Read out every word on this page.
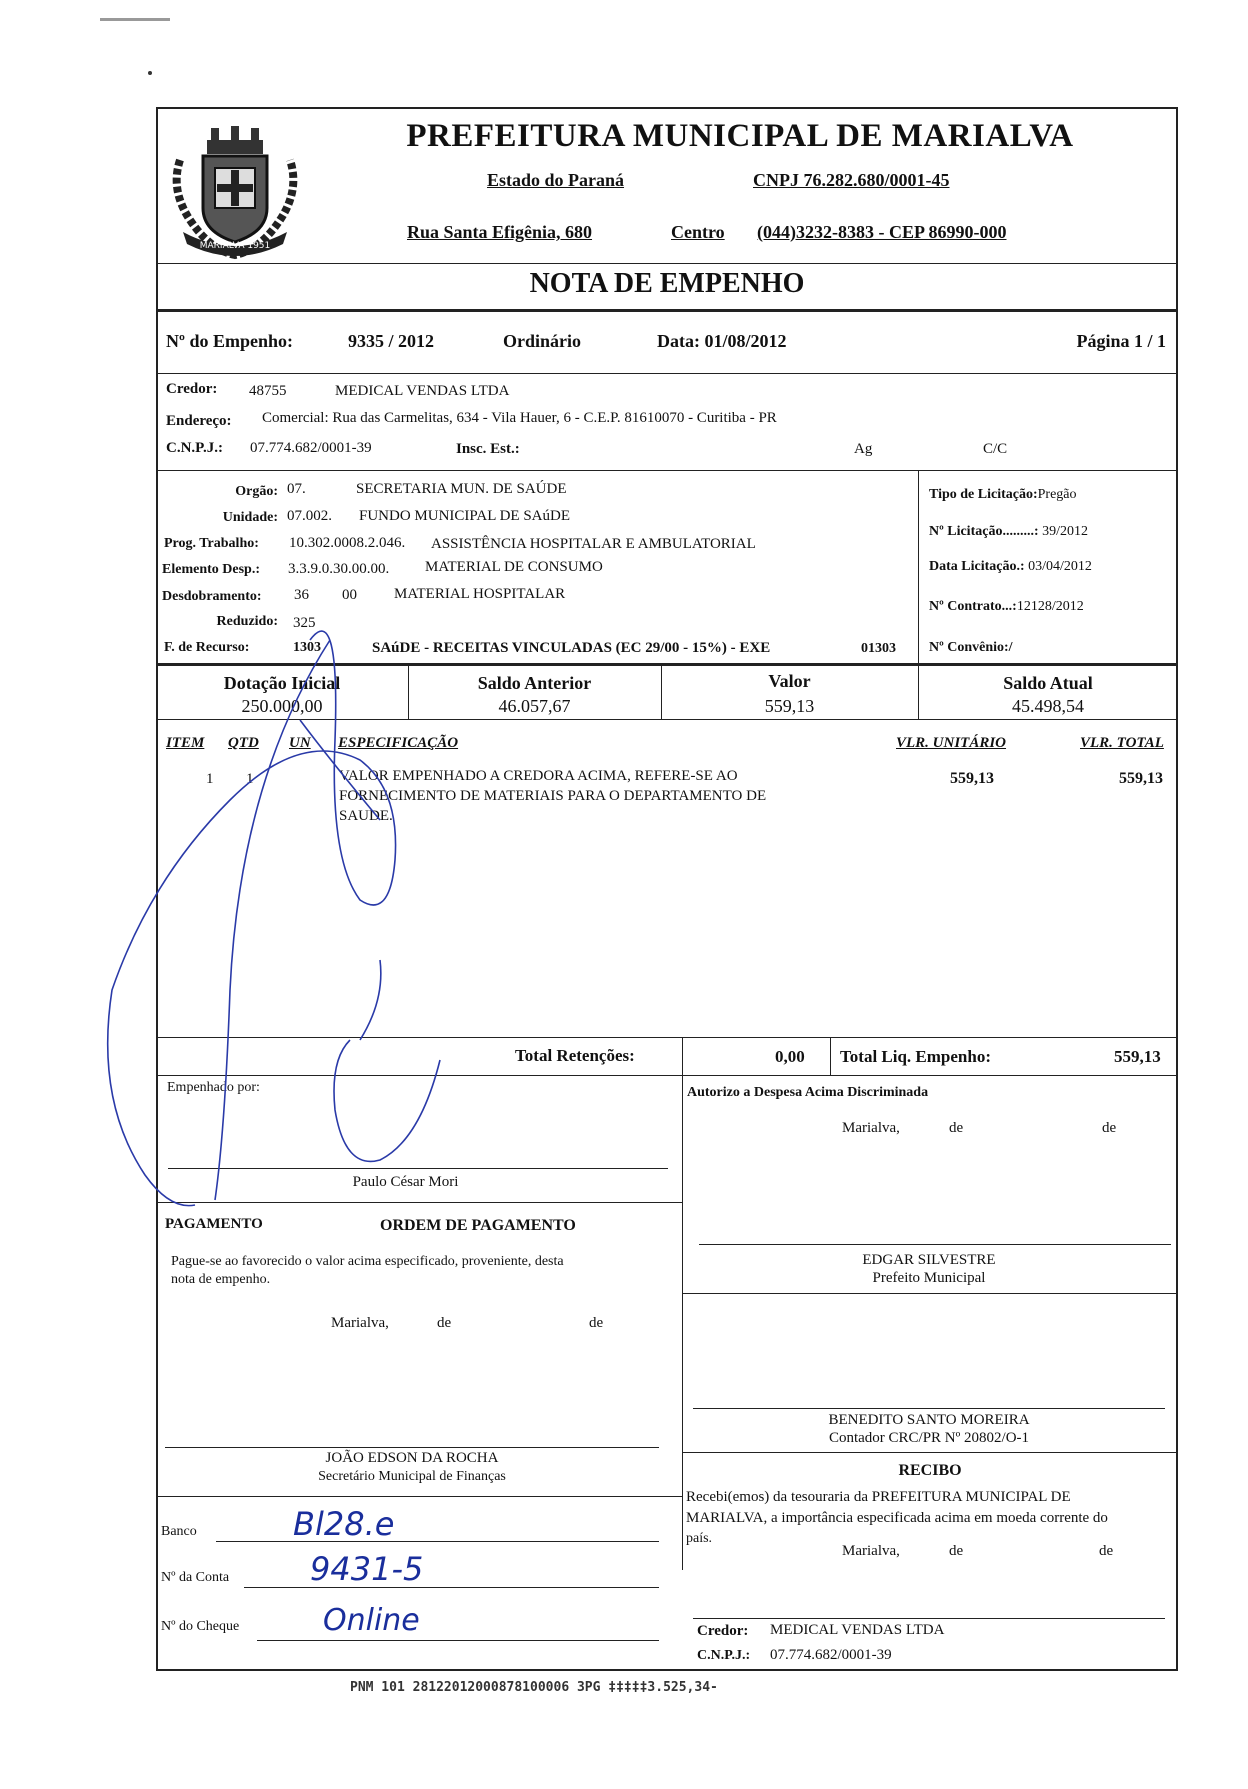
MARIALVA 1951
PREFEITURA MUNICIPAL DE MARIALVA
Estado do Paraná	CNPJ 76.282.680/0001-45
Rua Santa Efigênia, 680	Centro (044)3232-8383 - CEP 86990-000
NOTA DE EMPENHO
Nº do Empenho:	9335 / 2012	Ordinário	Data: 01/08/2012	Página 1 / 1
Credor: 48755	MEDICAL VENDAS LTDA
Endereço: Comercial: Rua das Carmelitas, 634 - Vila Hauer, 6 - C.E.P. 81610070 - Curitiba - PR
C.N.P.J.: 07.774.682/0001-39	Insc. Est.:	Ag	C/C
Orgão: 07.	SECRETARIA MUN. DE SAÚDE
Unidade: 07.002. FUNDO MUNICIPAL DE SAúDE
Prog. Trabalho: 10.302.0008.2.046. ASSISTÊNCIA HOSPITALAR E AMBULATORIAL
Elemento Desp.: 3.3.9.0.30.00.00. MATERIAL DE CONSUMO
Desdobramento: 36 00 MATERIAL HOSPITALAR
Reduzido: 325
F. de Recurso:	1303	SAúDE - RECEITAS VINCULADAS (EC 29/00 - 15%) - EXE	01303
Tipo de Licitação:Pregão
Nº Licitação.........: 39/2012
Data Licitação.: 03/04/2012
Nº Contrato...:12128/2012
Nº Convênio:/
Dotação Inicial
250.000,00
Saldo Anterior
46.057,67
Valor
559,13
Saldo Atual
45.498,54
ITEM QTD UN ESPECIFICAÇÃO	VLR. UNITÁRIO	VLR. TOTAL
1 1	VALOR EMPENHADO A CREDORA ACIMA, REFERE-SE AO
FORNECIMENTO DE MATERIAIS PARA O DEPARTAMENTO DE
SAUDE.
559,13	559,13
Total Retenções:	0,00 Total Liq. Empenho:	559,13
Empenhado por:
Paulo César Mori
Autorizo a Despesa Acima Discriminada
Marialva,	de	de
EDGAR SILVESTRE
Prefeito Municipal
PAGAMENTO	ORDEM DE PAGAMENTO
Pague-se ao favorecido o valor acima especificado, proveniente, desta
nota de empenho.
Marialva,	de	de
JOÃO EDSON DA ROCHA
Secretário Municipal de Finanças
BENEDITO SANTO MOREIRA
Contador CRC/PR Nº 20802/O-1
RECIBO
Recebi(emos) da tesouraria da PREFEITURA MUNICIPAL DE
MARIALVA, a importância especificada acima em moeda corrente do
país.
Marialva,	de	de
Credor: MEDICAL VENDAS LTDA
C.N.P.J.: 07.774.682/0001-39
Banco	Bl28.e
Nº da Conta	9431-5
Nº do Cheque	Online
PNM 101 28122012000878100006 3PG ‡‡‡‡‡3.525,34-
